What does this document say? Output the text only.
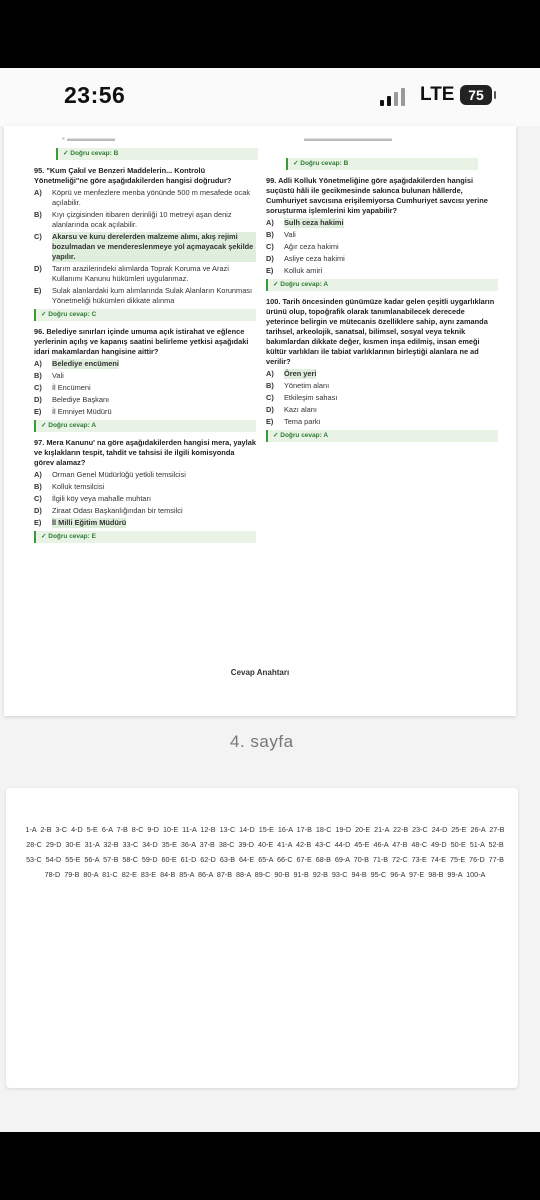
23:56	LTE 75
▪ ▬▬▬▬▬▬	▬▬▬▬▬▬▬▬▬▬▬
✓ Doğru cevap: B
95. "Kum Çakıl ve Benzeri Maddelerin... Kontrolü Yönetmeliği"ne göre aşağıdakilerden hangisi doğrudur?
A)	Köprü ve menfezlere menba yönünde 500 m mesafede ocak açılabilir.
B)	Kıyı çizgisinden itibaren derinliği 10 metreyi aşan deniz alanlarında ocak açılabilir.
C)	Akarsu ve kuru derelerden malzeme alımı, akış rejimi bozulmadan ve mendereslenmeye yol açmayacak şekilde yapılır.
D)	Tarım arazilerindeki alımlarda Toprak Koruma ve Arazi Kullanımı Kanunu hükümleri uygulanmaz.
E)	Sulak alanlardaki kum alımlarında Sulak Alanların Korunması Yönetmeliği hükümleri dikkate alınma
✓ Doğru cevap: C
96. Belediye sınırları içinde umuma açık istirahat ve eğlence yerlerinin açılış ve kapanış saatini belirleme yetkisi aşağıdaki idari makamlardan hangisine aittir?
A)	Belediye encümeni
B)	Vali
C)	İl Encümeni
D)	Belediye Başkanı
E)	İl Emniyet Müdürü
✓ Doğru cevap: A
97. Mera Kanunu' na göre aşağıdakilerden hangisi mera, yaylak ve kışlakların tespit, tahdit ve tahsisi ile ilgili komisyonda görev alamaz?
A)	Orman Genel Müdürlüğü yetkili temsilcisi
B)	Kolluk temsilcisi
C)	İlgili köy veya mahalle muhtarı
D)	Ziraat Odası Başkanlığından bir temsilci
E)	İl Milli Eğitim Müdürü
✓ Doğru cevap: E
✓ Doğru cevap: B
99. Adli Kolluk Yönetmeliğine göre aşağıdakilerden hangisi suçüstü hâli ile gecikmesinde sakınca bulunan hâllerde, Cumhuriyet savcısına erişilemiyorsa Cumhuriyet savcısı yerine soruşturma işlemlerini kim yapabilir?
A)	Sulh ceza hakimi
B)	Vali
C)	Ağır ceza hakimi
D)	Asliye ceza hakimi
E)	Kolluk amiri
✓ Doğru cevap: A
100. Tarih öncesinden günümüze kadar gelen çeşitli uygarlıkların ürünü olup, topoğrafik olarak tanımlanabilecek derecede yeterince belirgin ve mütecanis özelliklere sahip, aynı zamanda tarihsel, arkeolojik, sanatsal, bilimsel, sosyal veya teknik bakımlardan dikkate değer, kısmen inşa edilmiş, insan emeği kültür varlıkları ile tabiat varlıklarının birleştiği alanlara ne ad verilir?
A)	Ören yeri
B)	Yönetim alanı
C)	Etkileşim sahası
D)	Kazı alanı
E)	Tema parkı
✓ Doğru cevap: A
Cevap Anahtarı
4. sayfa
1-A 2-B 3-C 4-D 5-E 6-A 7-B 8-C 9-D 10-E 11-A 12-B 13-C 14-D 15-E 16-A 17-B 18-C 19-D 20-E 21-A 22-B 23-C 24-D 25-E 26-A 27-B 28-C 29-D 30-E 31-A 32-B 33-C 34-D 35-E 36-A 37-B 38-C 39-D 40-E 41-A 42-B 43-C 44-D 45-E 46-A 47-B 48-C 49-D 50-E 51-A 52-B 53-C 54-D 55-E 56-A 57-B 58-C 59-D 60-E 61-D 62-D 63-B 64-E 65-A 66-C 67-E 68-B 69-A 70-B 71-B 72-C 73-E 74-E 75-E 76-D 77-B 78-D 79-B 80-A 81-C 82-E 83-E 84-B 85-A 86-A 87-B 88-A 89-C 90-B 91-B 92-B 93-C 94-B 95-C 96-A 97-E 98-B 99-A 100-A
